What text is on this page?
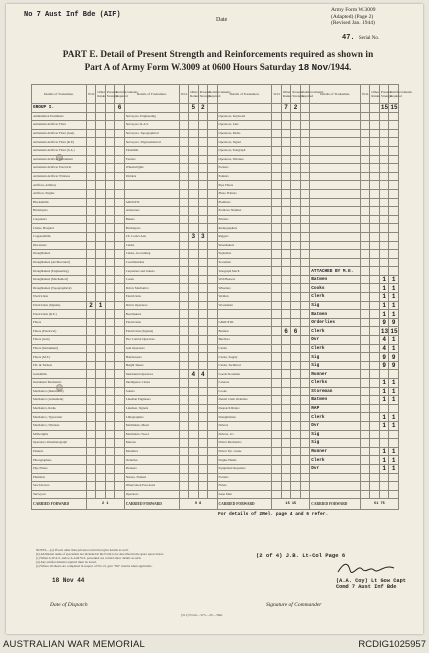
No 7 Aust Inf Bde (AIF)
Date
Army Form W.3009
(Adapted) (Page 2)
(Revised Jan. 1944)
47. Serial No.
PART E. Detail of Present Strength and Reinforcements required as shown in
Part A of Army Form W.3009 at 0600 Hours Saturday 18 Nov/1944.
Details of Tradesmen.	W.O.	Other Ranks	Present Strength	Reinforcements required	Details of Tradesmen.	W.O.	Other Ranks	Present Strength	Reinforcements required	Details of Tradesmen.	W.O.	Other Ranks	Present Strength	Reinforcements required	Details of Tradesmen.	W.O.	Other Ranks	Present Strength	Reinforcements required
GROUP I.				6			5	2				7	2					15	15
Ammunition Examiners					Surveyors, Engineering					Operators, Keyboard									
Armament Artificer Fitter					Surveyors, R.A.S.					Operators, Line									
Armament Artificer Fitter (Gun)					Surveyors, Topographical					Operators, Radio									
Armament Artificer Fitter (R.P.)					Surveyors, Trigonometrical					Operators, Signal									
Armament Artificer Fitter (S.A.)					Tinsmiths					Operators, Telegraph									
Armament Artificer Instrument					Turners					Operators, Wireless									
Armament Artificer Electrical					Wheelwrights					Packers									
Armament Artificer Wireless					Welders					Painters									
Artificer, Artillery										Pipe Fitters									
Artificer, Engine										Photo Printers									
Blacksmiths					GROUP II.					Plumbers									
Bricklayers					Armourers					Predictor Number									
Carpenters					Bakers					Printers									
Clerks, Hospital					Bricklayers					Radiographers									
Coppersmiths					Ch. Cook's Asst		3	3		Riggers									
Discerners					Clerks					Shoemakers									
Draughtsmen					Clerks, Accounting					Signallers									
Draughtsmen (Architectural)					Coachbuilders					Storemen									
Draughtsmen (Engineering)					Carpenters and Joiners					Telegraph Mech					ATTACHED BY M.E.				
Draughtsmen (Mechanical)					Cooks					Wall Bearers					Batmen			1	1
Draughtsmen (Topographical)					Driver Mechanics					Wheelers					Cooks			1	1
Electricians					Electricians					Welders					Clerk			1	1
Electricians (Signals)	2	1			Driver Operators					Woodsmen					Sig			1	1
Electricians (R.E.)					Bootmakers										Batmen			1	1
Fitters					Electricians					GROUP III.					Orderlies			9	9
Fitters (Electrical)					Electricians (Signals)					Batmen		6	6		Clerk			13	15
Fitters (Gun)					Fire Control Operators					Butchers					Dvr			4	1
Fitters (Instrument)					Gun Operators					Clerks					Clerk			4	1
Fitters (M.T.)					Hairdressers					Clerks, Supply					Sig			9	9
Fitt. & Turners					Height Takers					Clerks, Technical					Sig			9	9
Gunsmiths					Instrument Operators		4	4		Goods Storemen					Runner				
Instrument Mechanics					Intelligence Clerks					Caterers					Clerks			1	1
Mechanics (Instrument)					Joiners					Cooks					Storeman			1	1
Mechanics (Armament)					Lineman Engineers					Dental Clerk Orderlies					Batmen			1	1
Mechanics, Radio					Linemen, Signals					Despatch Riders					RAP				
Mechanics, Typewriter					Lithographers					Draughtsmen					Clerk			1	1
Mechanics, Wireless					Machinists, Metal					Drivers					Dvr			1	1
Millwrights					Machinists, Wood					Drivers, I.C.					Sig				
Operators, Kinematograph					Masons					Driver Mechanics					Sig				
Painters					Moulders					Driver Tpt. Grade					Runner			1	1
Photographers					Orderlies					Engine Hands					Clerk			1	1
Pipe Fitters					Pioneers					Equipment Repairers					Dvr			1	1
Plumbers					Nurses, Trained					Farriers									
Saw Doctors					Observation Post Assts					Fitters									
Surveyors					Operators					Issue Men									
CARRIED FORWARD	2 1				CARRIED FORWARD	9 8				CARRIED FORWARD	15 15				CARRIED FORWARD	61 75			
										For details of 2Rel. page 4 and 6 refer.									
NOTES.—(a) If tests other than privates is involved give details as well.
(b) Additional ranks of specialists not included in the Form to be described in the spare space below.
(c) When A.W.A.S. and/or A.A.M.W.S. personnel are carried show details as such.
(d) Any reinforcements required must be noted.
(e) Where all sheets are completed in respect of N.C.O. give "Nil" returns when applicable.
(2 of 4) J.B. Lt-Col Page 6
18 Nov 44	(A.A. Coy) Lt Gow Capt
Comd 7 Aust Inf Bde
Date of Dispatch	Signature of Commander
(511) Form—W3—43—36m.
AUSTRALIAN WAR MEMORIAL	RCDIG1025957
